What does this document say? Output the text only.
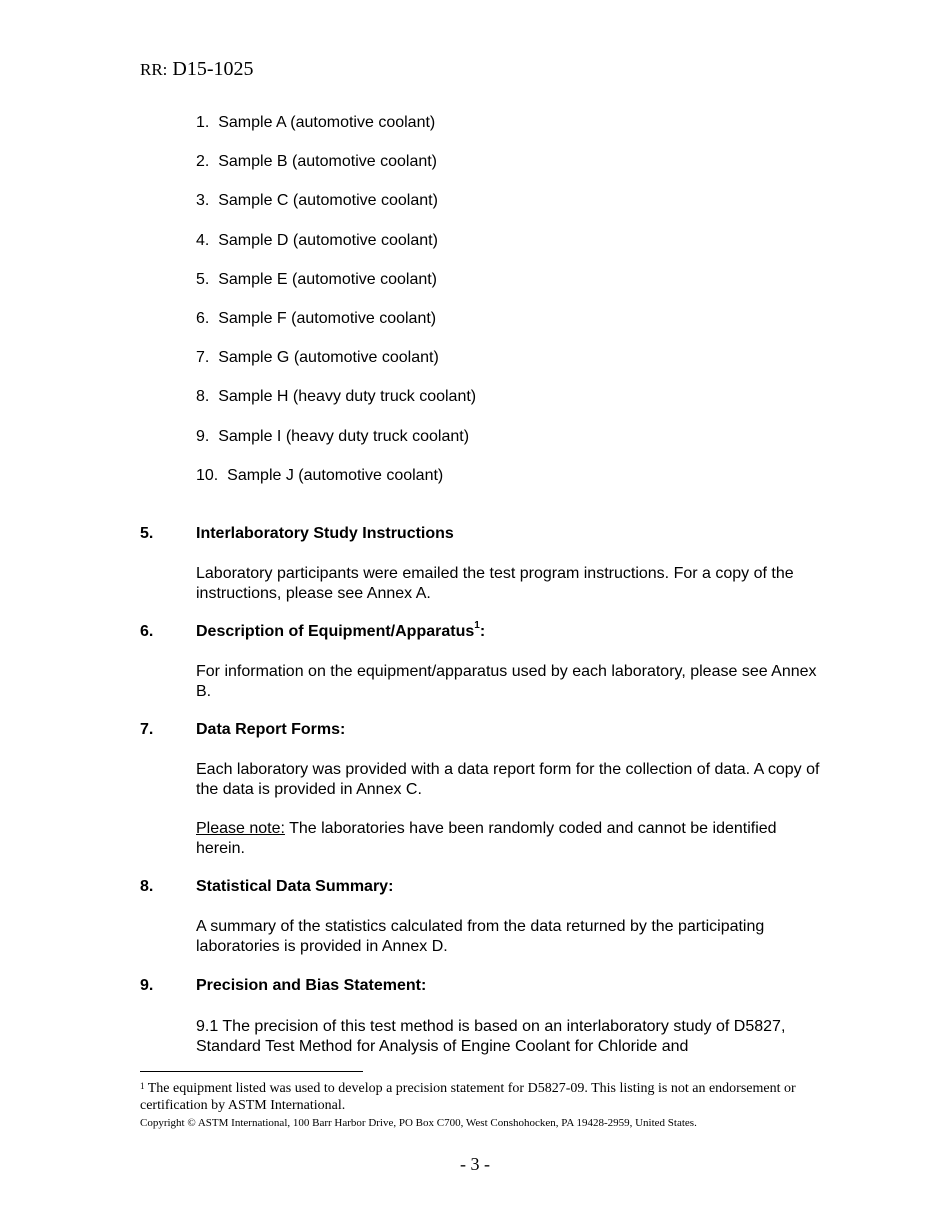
RR: D15-1025
1. Sample A (automotive coolant)
2. Sample B (automotive coolant)
3. Sample C (automotive coolant)
4. Sample D (automotive coolant)
5. Sample E (automotive coolant)
6. Sample F (automotive coolant)
7. Sample G (automotive coolant)
8. Sample H (heavy duty truck coolant)
9. Sample I (heavy duty truck coolant)
10. Sample J (automotive coolant)
5.	Interlaboratory Study Instructions
Laboratory participants were emailed the test program instructions. For a copy of the instructions, please see Annex A.
6.	Description of Equipment/Apparatus$^1$:
For information on the equipment/apparatus used by each laboratory, please see Annex B.
7.	Data Report Forms:
Each laboratory was provided with a data report form for the collection of data. A copy of the data is provided in Annex C.
Please note: The laboratories have been randomly coded and cannot be identified herein.
8.	Statistical Data Summary:
A summary of the statistics calculated from the data returned by the participating laboratories is provided in Annex D.
9.	Precision and Bias Statement:
9.1 The precision of this test method is based on an interlaboratory study of D5827, Standard Test Method for Analysis of Engine Coolant for Chloride and
$^1$ The equipment listed was used to develop a precision statement for D5827-09. This listing is not an endorsement or certification by ASTM International.
Copyright © ASTM International, 100 Barr Harbor Drive, PO Box C700, West Conshohocken, PA 19428-2959, United States.
- 3 -
